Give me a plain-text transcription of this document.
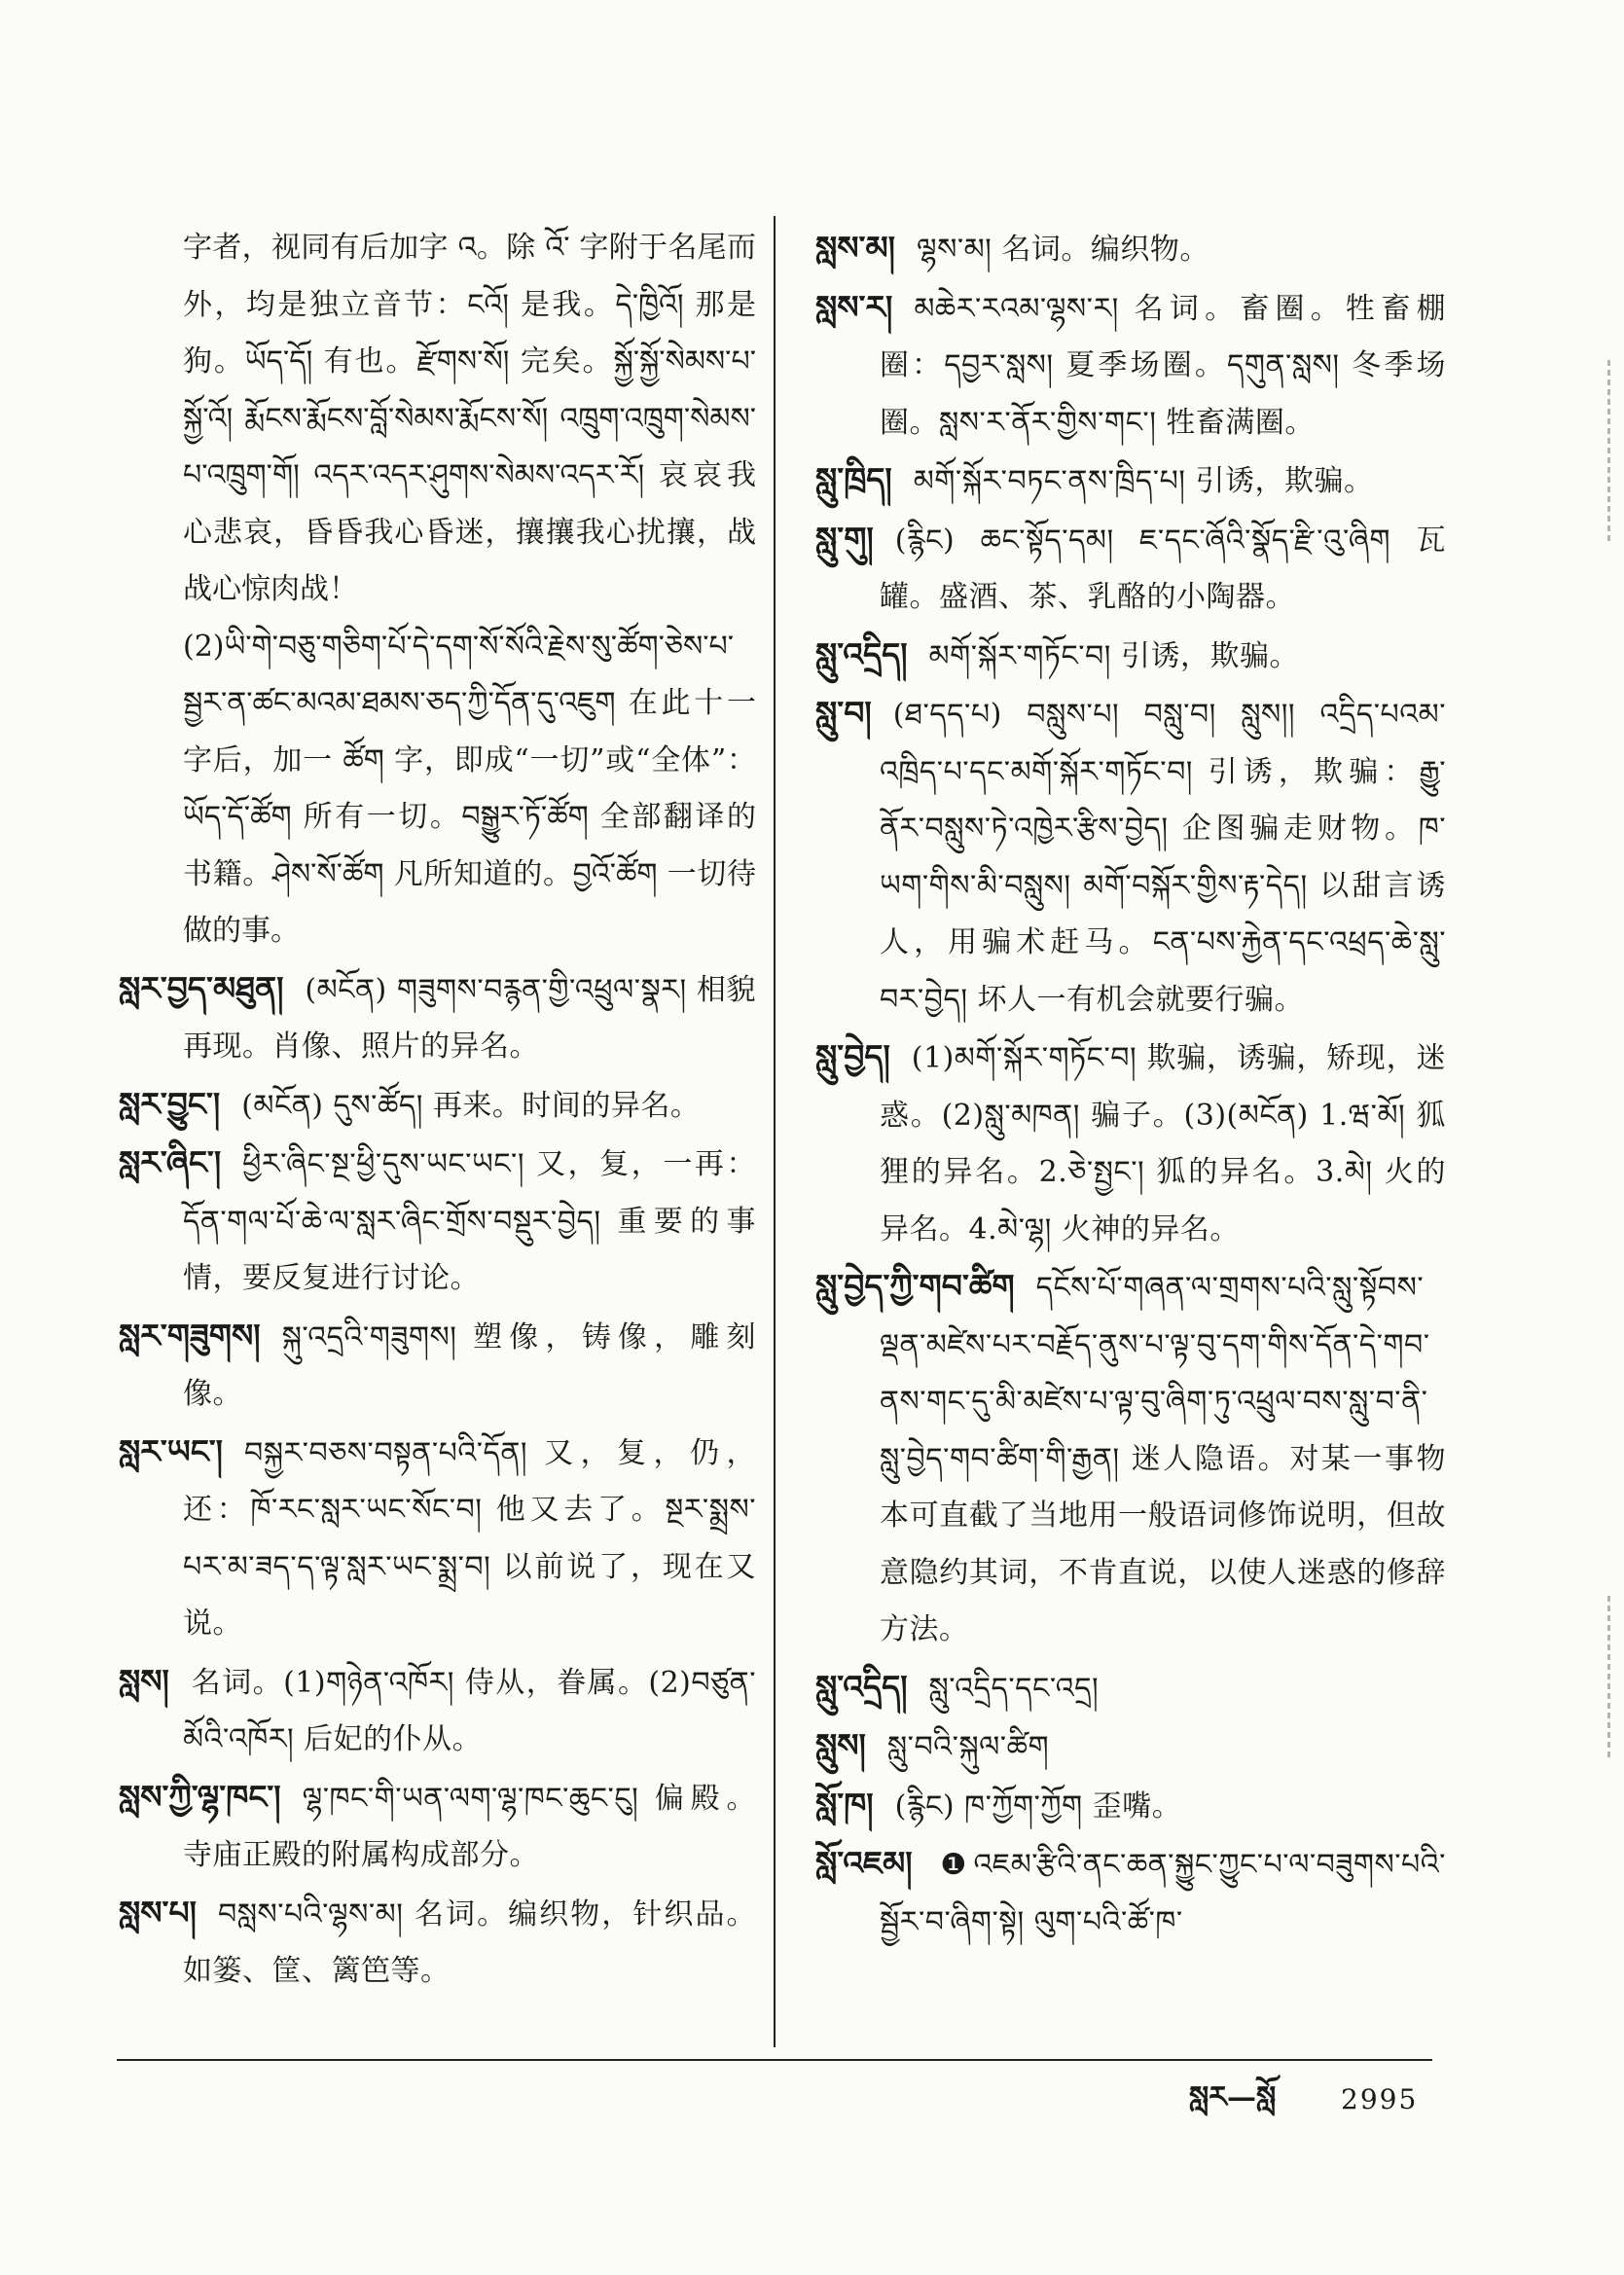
字者，视同有后加字 འ。除 འོ་ 字附于名尾而外，均是独立音节：ངའོ། 是我。དེ་ཁྱིའོ། 那是狗。ཡོད་དོ། 有也。རྫོགས་སོ། 完矣。སྐྱོ་སྐྱོ་སེམས་པ་སྐྱོ་འོ། རྨོངས་རྨོངས་བློ་སེམས་རྨོངས་སོ། འཁྲུག་འཁྲུག་སེམས་པ་འཁྲུག་གོ། འདར་འདར་ཤུགས་སེམས་འདར་རོ། 哀哀我心悲哀，昏昏我心昏迷，攘攘我心扰攘，战战心惊肉战！

(2)ཡི་གེ་བཅུ་གཅིག་པོ་དེ་དག་སོ་སོའི་རྗེས་སུ་ཚོག་ཅེས་པ་སྦྱར་ན་ཚང་མའམ་ཐམས་ཅད་ཀྱི་དོན་དུ་འཇུག 在此十一字后，加一 ཚོག 字，即成“一切”或“全体”：ཡོད་དོ་ཚོག 所有一切。བསྒྱུར་ཏོ་ཚོག 全部翻译的书籍。ཤེས་སོ་ཚོག 凡所知道的。བྱའོ་ཚོག 一切待做的事。

སླར་བྱད་མཐུན། (མངོན) གཟུགས་བརྙན་གྱི་འཕྲུལ་སྣར། 相貌再现。肖像、照片的异名。

སླར་བྱུང་། (མངོན) དུས་ཚོད། 再来。时间的异名。

སླར་ཞིང་། ཕྱིར་ཞིང་སྔ་ཕྱི་དུས་ཡང་ཡང་། 又，复，一再：དོན་གལ་པོ་ཆེ་ལ་སླར་ཞིང་གྲོས་བསྡུར་བྱེད། 重要的事情，要反复进行讨论。

སླར་གཟུགས། སྐུ་འདྲའི་གཟུགས། 塑像，铸像，雕刻像。

སླར་ཡང་། བསྐྱར་བཅས་བསྟན་པའི་དོན། 又，复，仍，还：ཁོ་རང་སླར་ཡང་སོང་བ། 他又去了。སྔར་སྨྲས་པར་མ་ཟད་ད་ལྟ་སླར་ཡང་སྨྲ་བ། 以前说了，现在又说。

སླས། 名词。(1)གཉེན་འཁོར། 侍从，眷属。(2)བཙུན་མོའི་འཁོར། 后妃的仆从。

སླས་ཀྱི་ལྷ་ཁང་། ལྷ་ཁང་གི་ཡན་ལག་ལྷ་ཁང་ཆུང་ངུ། 偏殿。寺庙正殿的附属构成部分。

སླས་པ། བསླས་པའི་ལྷས་མ། 名词。编织物，针织品。如篓、筐、篱笆等。

སླས་མ། ལྷས་མ། 名词。编织物。

སླས་ར། མཆེར་རའམ་ལྷས་ར། 名词。畜圈。牲畜棚圈：དབྱར་སླས། 夏季场圈。དགུན་སླས། 冬季场圈。སླས་ར་ནོར་གྱིས་གང་། 牲畜满圈。

སླུ་ཁྲིད། མགོ་སྐོར་བཏང་ནས་ཁྲིད་པ། 引诱，欺骗。

སླུ་གུ། (རྙིང) ཆང་སྟོད་དམ། ཇ་དང་ཞོའི་སྣོད་རྫི་འུ་ཞིག 瓦罐。盛酒、茶、乳酪的小陶器。

སླུ་འདྲིད། མགོ་སྐོར་གཏོང་བ། 引诱，欺骗。

སླུ་བ། (ཐ་དད་པ) བསླུས་པ། བསླུ་བ། སླུས།། འདྲིད་པའམ་འཁྲིད་པ་དང་མགོ་སྐོར་གཏོང་བ། 引诱，欺骗：རྒྱུ་ནོར་བསླུས་ཏེ་འཁྱེར་རྩིས་བྱེད། 企图骗走财物。ཁ་ཡག་གིས་མི་བསླུས། མགོ་བསྐོར་གྱིས་རྟ་དེད། 以甜言诱人，用骗术赶马。ངན་པས་རྐྱེན་དང་འཕྲད་ཆེ་སླུ་བར་བྱེད། 坏人一有机会就要行骗。

སླུ་བྱེད། (1)མགོ་སྐོར་གཏོང་བ། 欺骗，诱骗，矫现，迷惑。(2)སླུ་མཁན། 骗子。(3)(མངོན) 1.ཝ་མོ། 狐狸的异名。2.ཅེ་སྤྱང་། 狐的异名。3.མེ། 火的异名。4.མེ་ལྷ། 火神的异名。

སླུ་བྱེད་ཀྱི་གབ་ཚིག དངོས་པོ་གཞན་ལ་གྲགས་པའི་སླུ་སྟོབས་ལྡན་མཛེས་པར་བརྗོད་ནུས་པ་ལྟ་བུ་དག་གིས་དོན་དེ་གབ་ནས་གང་དུ་མི་མཛེས་པ་ལྟ་བུ་ཞིག་ཏུ་འཕྲུལ་བས་སླུ་བ་ནི་སླུ་བྱེད་གབ་ཚིག་གི་རྒྱན། 迷人隐语。对某一事物本可直截了当地用一般语词修饰说明，但故意隐约其词，不肯直说，以使人迷惑的修辞方法。

སླུ་འདྲིད། སླུ་འདྲིད་དང་འདྲ།

སླུས། སླུ་བའི་སྐུལ་ཚིག

སློ་ཁ། (རྙིང) ཁ་ཀྱོག་ཀྱོག 歪嘴。

སློ་འཇམ། ❶འཇམ་རྩིའི་ནང་ཆན་སྐྱུང་ཀྱུང་པ་ལ་བཟུགས་པའི་སྦྱོར་བ་ཞིག་སྟེ། ལུག་པའི་ཚོ་ཁ་

སླར—སློ 2995
